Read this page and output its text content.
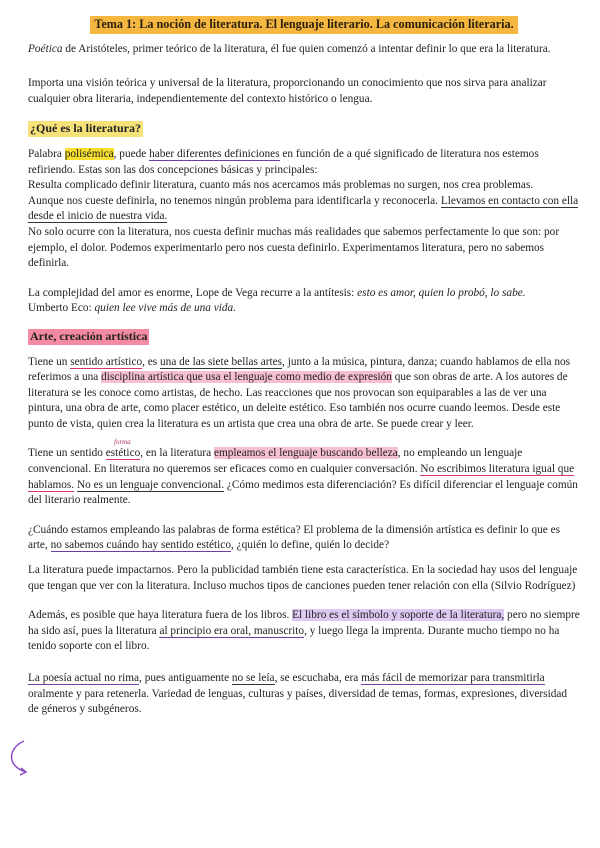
Tema 1: La noción de literatura. El lenguaje literario. La comunicación literaria.

Poética de Aristóteles, primer teórico de la literatura, él fue quien comenzó a intentar definir lo que era la literatura.

Importa una visión teórica y universal de la literatura, proporcionando un conocimiento que nos sirva para analizar cualquier obra literaria, independientemente del contexto histórico o lengua.

¿Qué es la literatura?

Palabra polisémica, puede haber diferentes definiciones en función de a qué significado de literatura nos estemos refiriendo. Estas son las dos concepciones básicas y principales:

Resulta complicado definir literatura, cuanto más nos acercamos más problemas no surgen, nos crea problemas.

Aunque nos cueste definirla, no tenemos ningún problema para identificarla y reconocerla. Llevamos en contacto con ella desde el inicio de nuestra vida.

No solo ocurre con la literatura, nos cuesta definir muchas más realidades que sabemos perfectamente lo que son: por ejemplo, el dolor. Podemos experimentarlo pero nos cuesta definirlo. Experimentamos literatura, pero no sabemos definirla.

La complejidad del amor es enorme, Lope de Vega recurre a la antítesis: esto es amor, quien lo probó, lo sabe.

Umberto Eco: quien lee vive más de una vida.

Arte, creación artística

Tiene un sentido artístico, es una de las siete bellas artes, junto a la música, pintura, danza; cuando hablamos de ella nos referimos a una disciplina artística que usa el lenguaje como medio de expresión que son obras de arte. A los autores de literatura se les conoce como artistas, de hecho. Las reacciones que nos provocan son equiparables a las de ver una pintura, una obra de arte, como placer estético, un deleite estético. Eso también nos ocurre cuando leemos. Desde este punto de vista, quien crea la literatura es un artista que crea una obra de arte. Se puede crear y leer.

forma
Tiene un sentido estético, en la literatura empleamos el lenguaje buscando belleza, no empleando un lenguaje convencional. En literatura no queremos ser eficaces como en cualquier conversación. No escribimos literatura igual que hablamos. No es un lenguaje convencional. ¿Cómo medimos esta diferenciación? Es difícil diferenciar el lenguaje común del literario realmente.

¿Cuándo estamos empleando las palabras de forma estética? El problema de la dimensión artística es definir lo que es arte, no sabemos cuándo hay sentido estético, ¿quién lo define, quién lo decide?

La literatura puede impactarnos. Pero la publicidad también tiene esta característica. En la sociedad hay usos del lenguaje que tengan que ver con la literatura. Incluso muchos tipos de canciones pueden tener relación con ella (Silvio Rodríguez)

Además, es posible que haya literatura fuera de los libros. El libro es el símbolo y soporte de la literatura, pero no siempre ha sido así, pues la literatura al principio era oral, manuscrito, y luego llega la imprenta. Durante mucho tiempo no ha tenido soporte con el libro.

La poesía actual no rima, pues antiguamente no se leía, se escuchaba, era más fácil de memorizar para transmitirla oralmente y para retenerla. Variedad de lenguas, culturas y países, diversidad de temas, formas, expresiones, diversidad de géneros y subgéneros.
